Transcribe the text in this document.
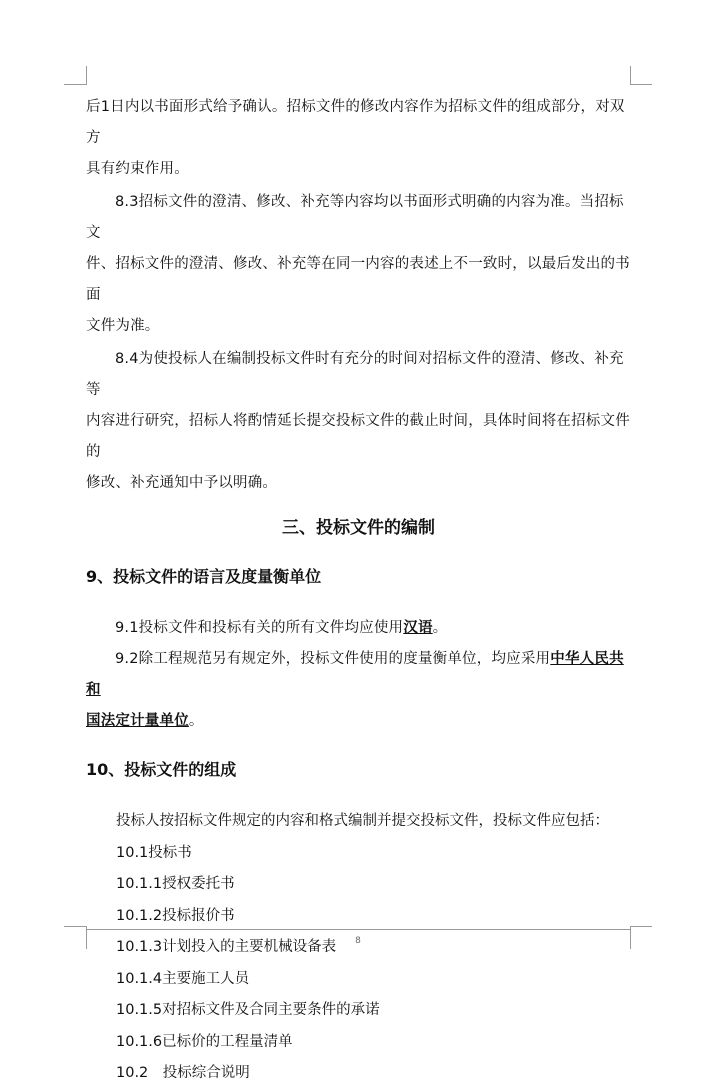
后1日内以书面形式给予确认。招标文件的修改内容作为招标文件的组成部分，对双方

具有约束作用。

8.3招标文件的澄清、修改、补充等内容均以书面形式明确的内容为准。当招标文

件、招标文件的澄清、修改、补充等在同一内容的表述上不一致时，以最后发出的书面

文件为准。

8.4为使投标人在编制投标文件时有充分的时间对招标文件的澄清、修改、补充等

内容进行研究，招标人将酌情延长提交投标文件的截止时间，具体时间将在招标文件的

修改、补充通知中予以明确。

三、投标文件的编制
9、投标文件的语言及度量衡单位

9.1投标文件和投标有关的所有文件均应使用汉语。

9.2除工程规范另有规定外，投标文件使用的度量衡单位，均应采用中华人民共和

国法定计量单位。

10、投标文件的组成
投标人按招标文件规定的内容和格式编制并提交投标文件，投标文件应包括：
10.1投标书
10.1.1授权委托书
10.1.2投标报价书
10.1.3计划投入的主要机械设备表
10.1.4主要施工人员
10.1.5对招标文件及合同主要条件的承诺
10.1.6已标价的工程量清单
10.2　投标综合说明
8
